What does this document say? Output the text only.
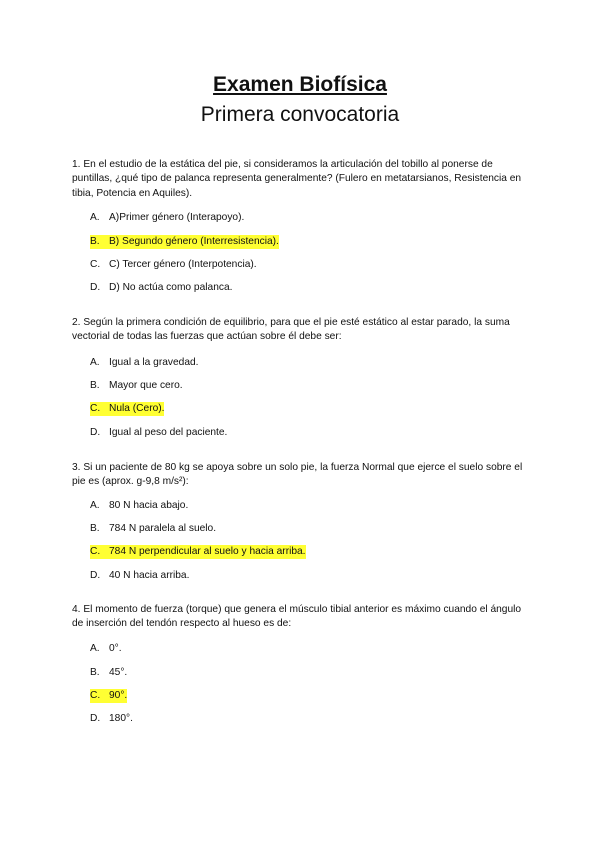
Examen Biofísica
Primera convocatoria
1. En el estudio de la estática del pie, si consideramos la articulación del tobillo al ponerse de puntillas, ¿qué tipo de palanca representa generalmente? (Fulero en metatarsianos, Resistencia en tibia, Potencia en Aquiles).
A. A)Primer género (Interapoyo).
B. B) Segundo género (Interresistencia).
C. C) Tercer género (Interpotencia).
D. D) No actúa como palanca.
2. Según la primera condición de equilibrio, para que el pie esté estático al estar parado, la suma vectorial de todas las fuerzas que actúan sobre él debe ser:
A. Igual a la gravedad.
B. Mayor que cero.
C. Nula (Cero).
D. Igual al peso del paciente.
3. Si un paciente de 80 kg se apoya sobre un solo pie, la fuerza Normal que ejerce el suelo sobre el pie es (aprox. g-9,8 m/s²):
A. 80 N hacia abajo.
B. 784 N paralela al suelo.
C. 784 N perpendicular al suelo y hacia arriba.
D. 40 N hacia arriba.
4. El momento de fuerza (torque) que genera el músculo tibial anterior es máximo cuando el ángulo de inserción del tendón respecto al hueso es de:
A. 0°.
B. 45°.
C. 90°.
D. 180°.
